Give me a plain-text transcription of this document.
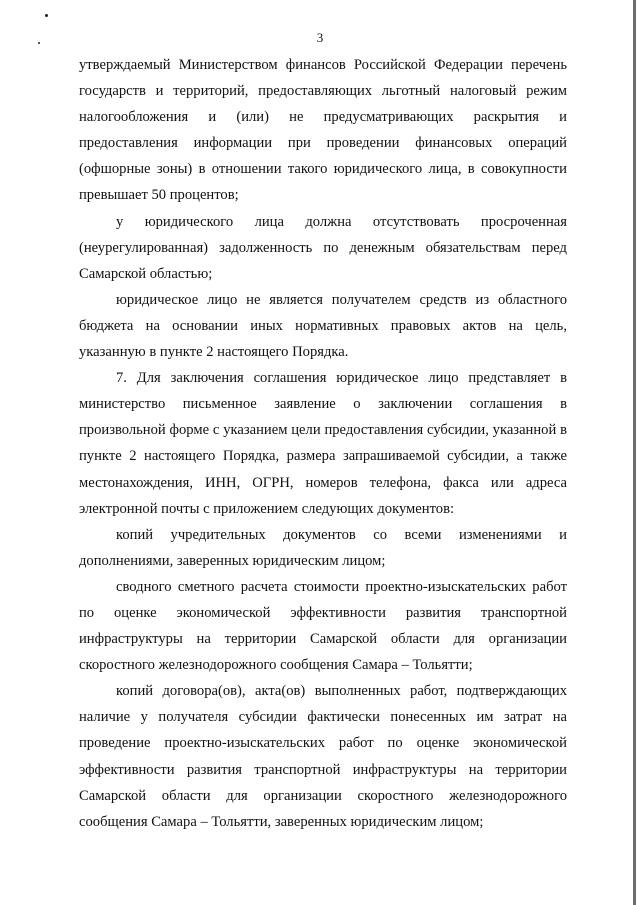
3

утверждаемый Министерством финансов Российской Федерации перечень государств и территорий, предоставляющих льготный налоговый режим налогообложения и (или) не предусматривающих раскрытия и предоставления информации при проведении финансовых операций (офшорные зоны) в отношении такого юридического лица, в совокупности превышает 50 процентов;

у юридического лица должна отсутствовать просроченная (неурегулированная) задолженность по денежным обязательствам перед Самарской областью;

юридическое лицо не является получателем средств из областного бюджета на основании иных нормативных правовых актов на цель, указанную в пункте 2 настоящего Порядка.

7. Для заключения соглашения юридическое лицо представляет в министерство письменное заявление о заключении соглашения в произвольной форме с указанием цели предоставления субсидии, указанной в пункте 2 настоящего Порядка, размера запрашиваемой субсидии, а также местонахождения, ИНН, ОГРН, номеров телефона, факса или адреса электронной почты с приложением следующих документов:

копий учредительных документов со всеми изменениями и дополнениями, заверенных юридическим лицом;

сводного сметного расчета стоимости проектно-изыскательских работ по оценке экономической эффективности развития транспортной инфраструктуры на территории Самарской области для организации скоростного железнодорожного сообщения Самара – Тольятти;

копий договора(ов), акта(ов) выполненных работ, подтверждающих наличие у получателя субсидии фактически понесенных им затрат на проведение проектно-изыскательских работ по оценке экономической эффективности развития транспортной инфраструктуры на территории Самарской области для организации скоростного железнодорожного сообщения Самара – Тольятти, заверенных юридическим лицом;
